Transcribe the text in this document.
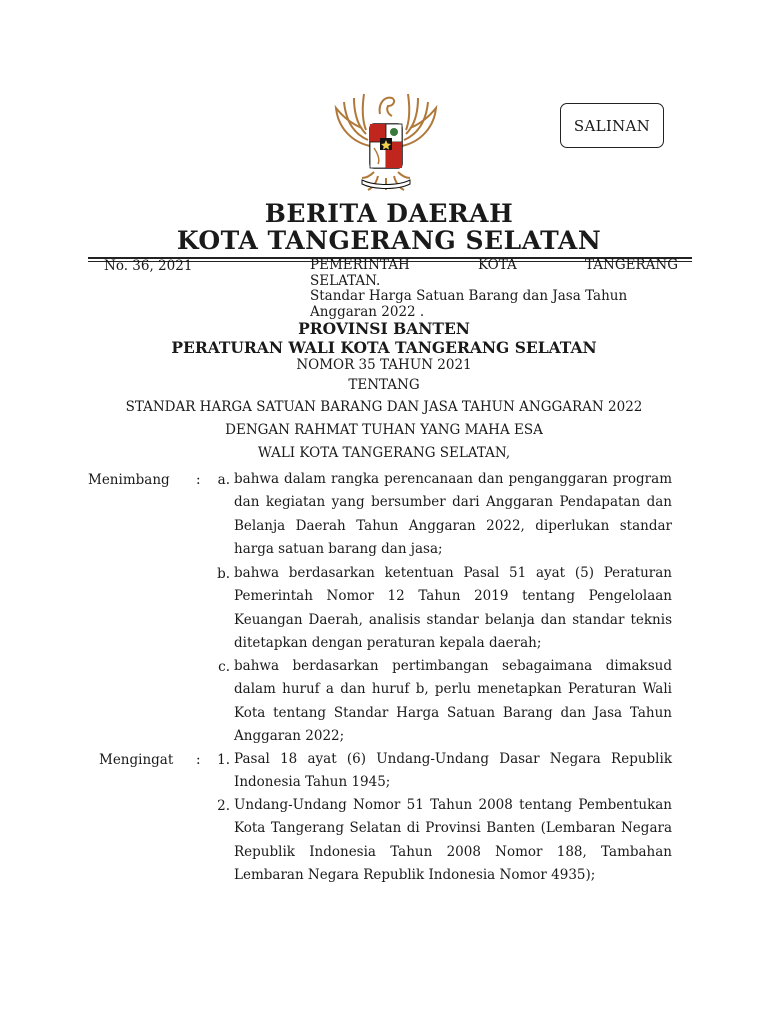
SALINAN
BERITA DAERAH
KOTA TANGERANG SELATAN
No. 36, 2021	PEMERINTAH	KOTA	TANGERANG
SELATAN.
Standar Harga Satuan Barang dan Jasa Tahun
Anggaran 2022 .
PROVINSI BANTEN
PERATURAN WALI KOTA TANGERANG SELATAN
NOMOR 35 TAHUN 2021
TENTANG
STANDAR HARGA SATUAN BARANG DAN JASA TAHUN ANGGARAN 2022
DENGAN RAHMAT TUHAN YANG MAHA ESA
WALI KOTA TANGERANG SELATAN,
Menimbang :	a. bahwa dalam rangka perencanaan dan penganggaran program dan kegiatan yang bersumber dari Anggaran Pendapatan dan Belanja Daerah Tahun Anggaran 2022, diperlukan standar harga satuan barang dan jasa;
b. bahwa berdasarkan ketentuan Pasal 51 ayat (5) Peraturan Pemerintah Nomor 12 Tahun 2019 tentang Pengelolaan Keuangan Daerah, analisis standar belanja dan standar teknis ditetapkan dengan peraturan kepala daerah;
c. bahwa berdasarkan pertimbangan sebagaimana dimaksud dalam huruf a dan huruf b, perlu menetapkan Peraturan Wali Kota tentang Standar Harga Satuan Barang dan Jasa Tahun Anggaran 2022;
Mengingat :	1. Pasal 18 ayat (6) Undang-Undang Dasar Negara Republik Indonesia Tahun 1945;
2. Undang-Undang Nomor 51 Tahun 2008 tentang Pembentukan Kota Tangerang Selatan di Provinsi Banten (Lembaran Negara Republik Indonesia Tahun 2008 Nomor 188, Tambahan Lembaran Negara Republik Indonesia Nomor 4935);
